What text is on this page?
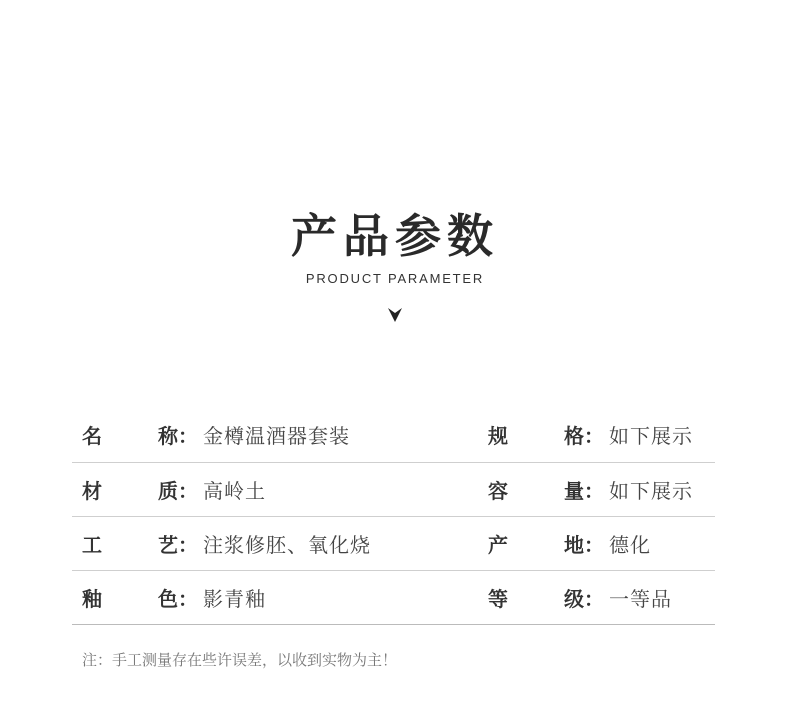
产品参数
PRODUCT PARAMETER
名	称： 金樽温酒器套装	规	格： 如下展示
材	质： 高岭土	容	量： 如下展示
工	艺： 注浆修胚、氧化烧	产	地： 德化
釉	色： 影青釉	等	级： 一等品
注：手工测量存在些许误差，以收到实物为主！
